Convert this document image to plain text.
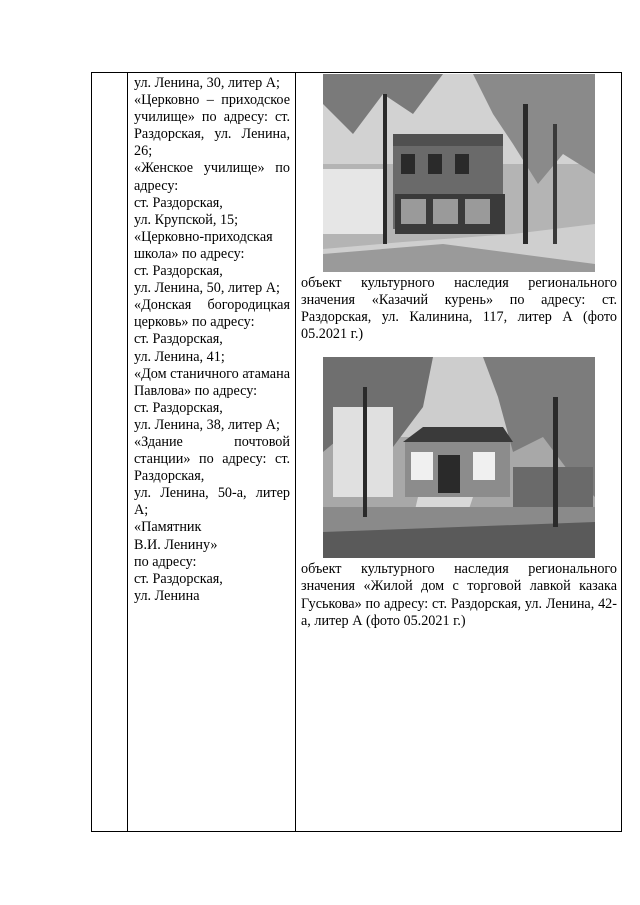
ул. Ленина, 30, литер А;
«Церковно – приходское училище» по адресу: ст. Раздорская, ул. Ленина, 26;
«Женское училище» по адресу:
ст. Раздорская,
ул. Крупской, 15;
«Церковно-приходская школа» по адресу:
ст. Раздорская,
ул. Ленина, 50, литер А;
«Донская богородицкая церковь» по адресу:
ст. Раздорская,
ул. Ленина, 41;
«Дом станичного атамана Павлова» по адресу:
ст. Раздорская,
ул. Ленина, 38, литер А;
«Здание почтовой станции» по адресу: ст. Раздорская,
ул. Ленина, 50-а, литер А;
«Памятник
В.И. Ленину»
по адресу:
ст. Раздорская,
ул. Ленина

объект культурного наследия регионального значения «Казачий курень» по адресу: ст. Раздорская, ул. Калинина, 117, литер А (фото 05.2021 г.)
объект культурного наследия регионального значения «Жилой дом с торговой лавкой казака Гуськова» по адресу: ст. Раздорская, ул. Ленина, 42-а, литер А (фото 05.2021 г.)
